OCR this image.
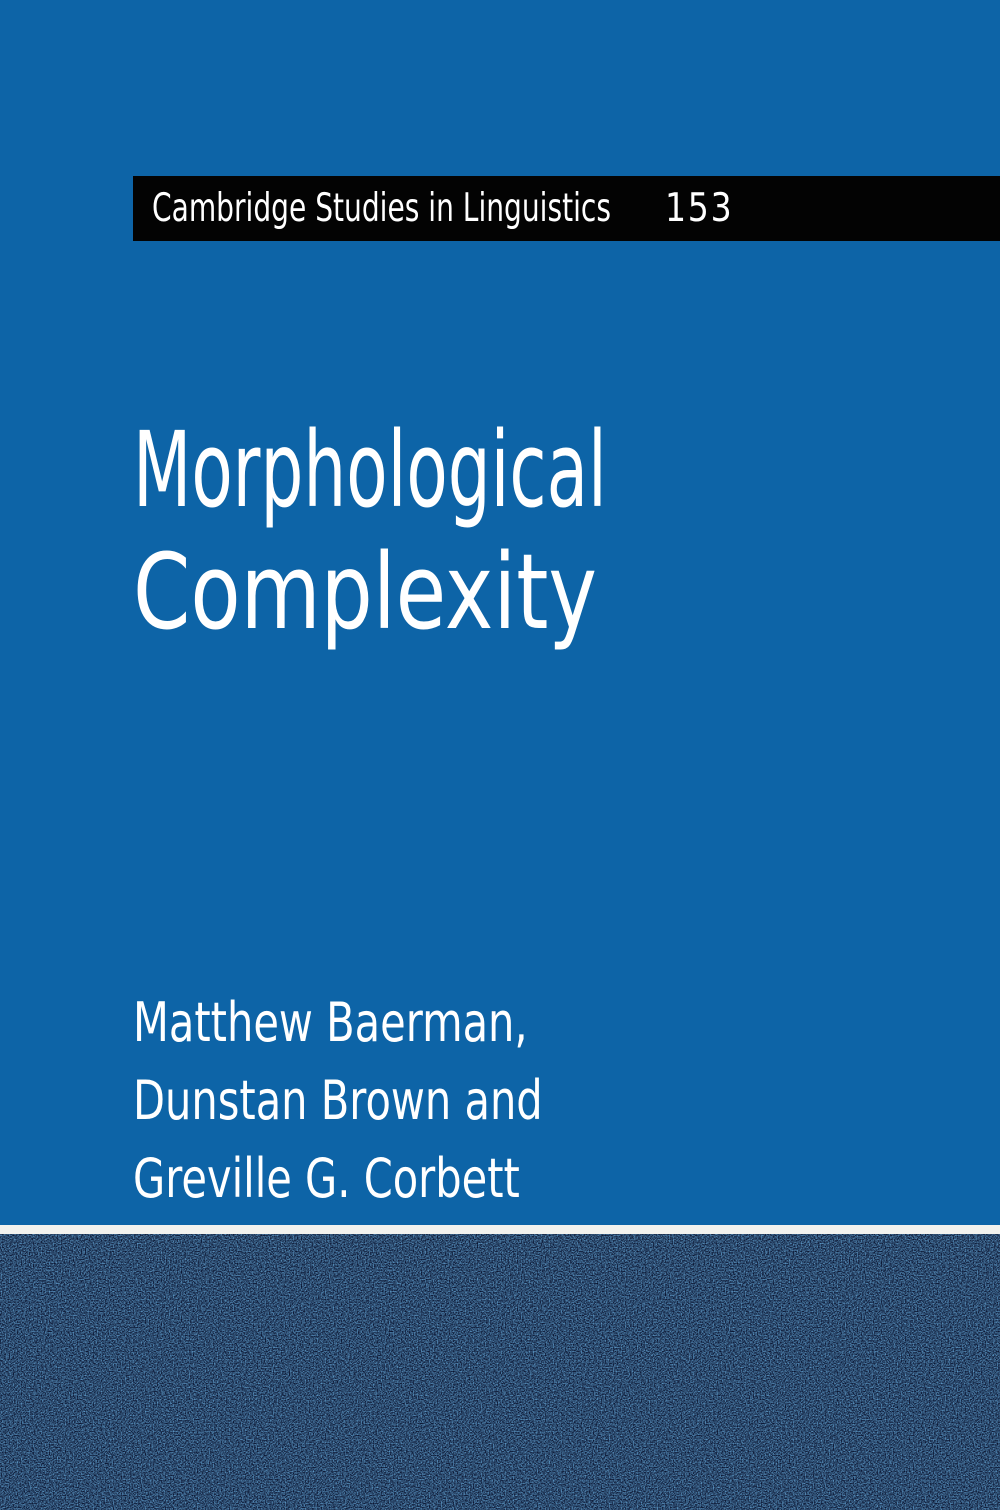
Cambridge Studies in Linguistics 153
Morphological
Complexity
Matthew Baerman,
Dunstan Brown and
Greville G. Corbett
